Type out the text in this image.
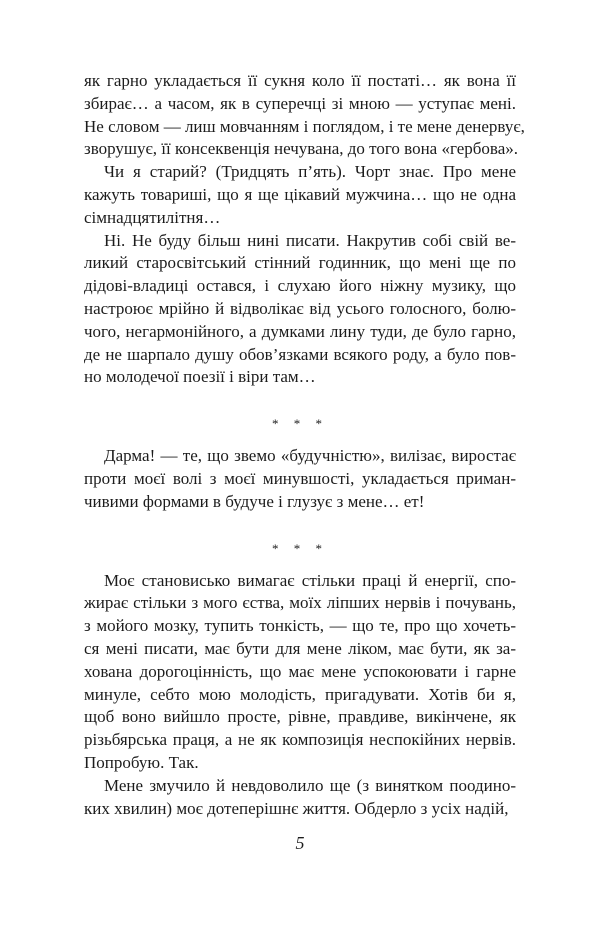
як гарно укладається її сукня коло її постаті… як вона її
збирає… а часом, як в суперечці зі мною — уступає мені.
Не словом — лиш мовчанням і поглядом, і те мене денервує,
зворушує, її консеквенція нечувана, до того вона «гербова».
Чи я старий? (Тридцять п’ять). Чорт знає. Про мене
кажуть товариші, що я ще цікавий мужчина… що не одна
сімнадцятилітня…
Ні. Не буду більш нині писати. Накрутив собі свій ве-
ликий старосвітський стінний годинник, що мені ще по
дідові-владиці остався, і слухаю його ніжну музику, що
настроює мрійно й відволікає від усього голосного, болю-
чого, негармонійного, а думками лину туди, де було гарно,
де не шарпало душу обов’язками всякого роду, а було пов-
но молодечої поезії і віри там…
* * *
Дарма! — те, що звемо «будучністю», вилізає, виростає
проти моєї волі з моєї минувшості, укладається приман-
чивими формами в будуче і глузує з мене… ет!
* * *
Моє становисько вимагає стільки праці й енергії, спо-
жирає стільки з мого єства, моїх ліпших нервів і почувань,
з мойого мозку, тупить тонкість, — що те, про що хочеть-
ся мені писати, має бути для мене ліком, має бути, як за-
хована дорогоцінність, що має мене успокоювати і гарне
минуле, себто мою молодість, пригадувати. Хотів би я,
щоб воно вийшло просте, рівне, правдиве, викінчене, як
різьбярська праця, а не як композиція неспокійних нервів.
Попробую. Так.
Мене змучило й невдоволило ще (з винятком поодино-
ких хвилин) моє дотеперішнє життя. Обдерло з усіх надій,
5
